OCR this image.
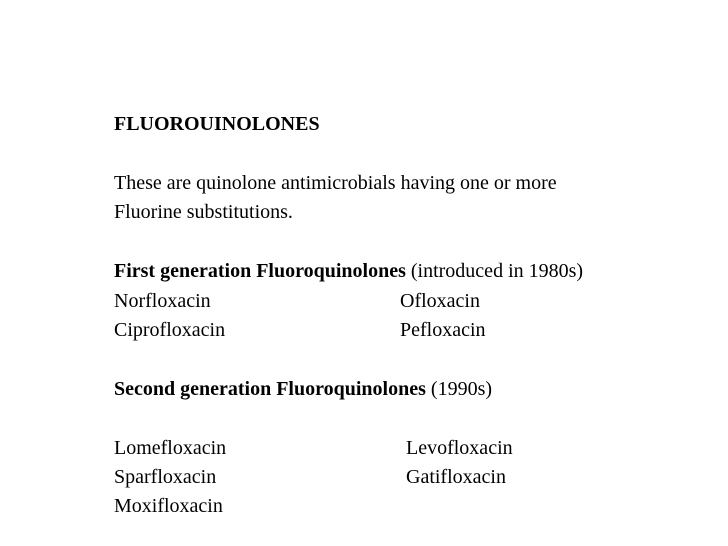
FLUOROUINOLONES
These are quinolone antimicrobials having one or more
Fluorine substitutions.
First generation Fluoroquinolones (introduced in 1980s)
Norfloxacin	Ofloxacin
Ciprofloxacin	Pefloxacin
Second generation Fluoroquinolones (1990s)
Lomefloxacin	Levofloxacin
Sparfloxacin	Gatifloxacin
Moxifloxacin
